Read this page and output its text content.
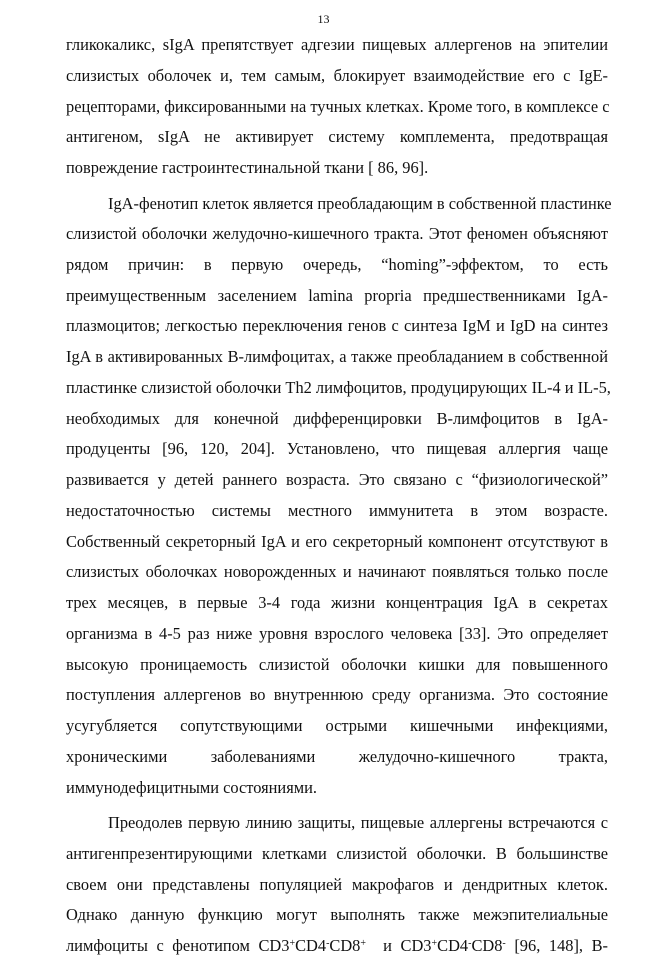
13
гликокаликс, sIgA препятствует адгезии пищевых аллергенов на эпителии
слизистых оболочек и, тем самым, блокирует взаимодействие его с IgE-
рецепторами, фиксированными на тучных клетках. Кроме того, в комплексе с
антигеном, sIgA не активирует систему комплемента, предотвращая
повреждение гастроинтестинальной ткани [ 86, 96].
IgA-фенотип клеток является преобладающим в собственной пластинке
слизистой оболочки желудочно-кишечного тракта. Этот феномен объясняют
рядом причин: в первую очередь, “homing”-эффектом, то есть
преимущественным заселением lamina propria предшественниками IgA-
плазмоцитов; легкостью переключения генов с синтеза IgM и IgD на синтез
IgA в активированных B-лимфоцитах, а также преобладанием в собственной
пластинке слизистой оболочки Th2 лимфоцитов, продуцирующих IL-4 и IL-5,
необходимых для конечной дифференцировки B-лимфоцитов в IgA-
продуценты [96, 120, 204]. Установлено, что пищевая аллергия чаще
развивается у детей раннего возраста. Это связано с “физиологической”
недостаточностью системы местного иммунитета в этом возрасте.
Собственный секреторный IgA и его секреторный компонент отсутствуют в
слизистых оболочках новорожденных и начинают появляться только после
трех месяцев, в первые 3-4 года жизни концентрация IgA в секретах
организма в 4-5 раз ниже уровня взрослого человека [33]. Это определяет
высокую проницаемость слизистой оболочки кишки для повышенного
поступления аллергенов во внутреннюю среду организма. Это состояние
усугубляется сопутствующими острыми кишечными инфекциями,
хроническими заболеваниями желудочно-кишечного тракта,
иммунодефицитными состояниями.
Преодолев первую линию защиты, пищевые аллергены встречаются с
антигенпрезентирующими клетками слизистой оболочки. В большинстве
своем они представлены популяцией макрофагов и дендритных клеток.
Однако данную функцию могут выполнять также межэпителиальные
лимфоциты с фенотипом CD3+CD4-CD8+  и CD3+CD4-CD8- [96, 148], B-
